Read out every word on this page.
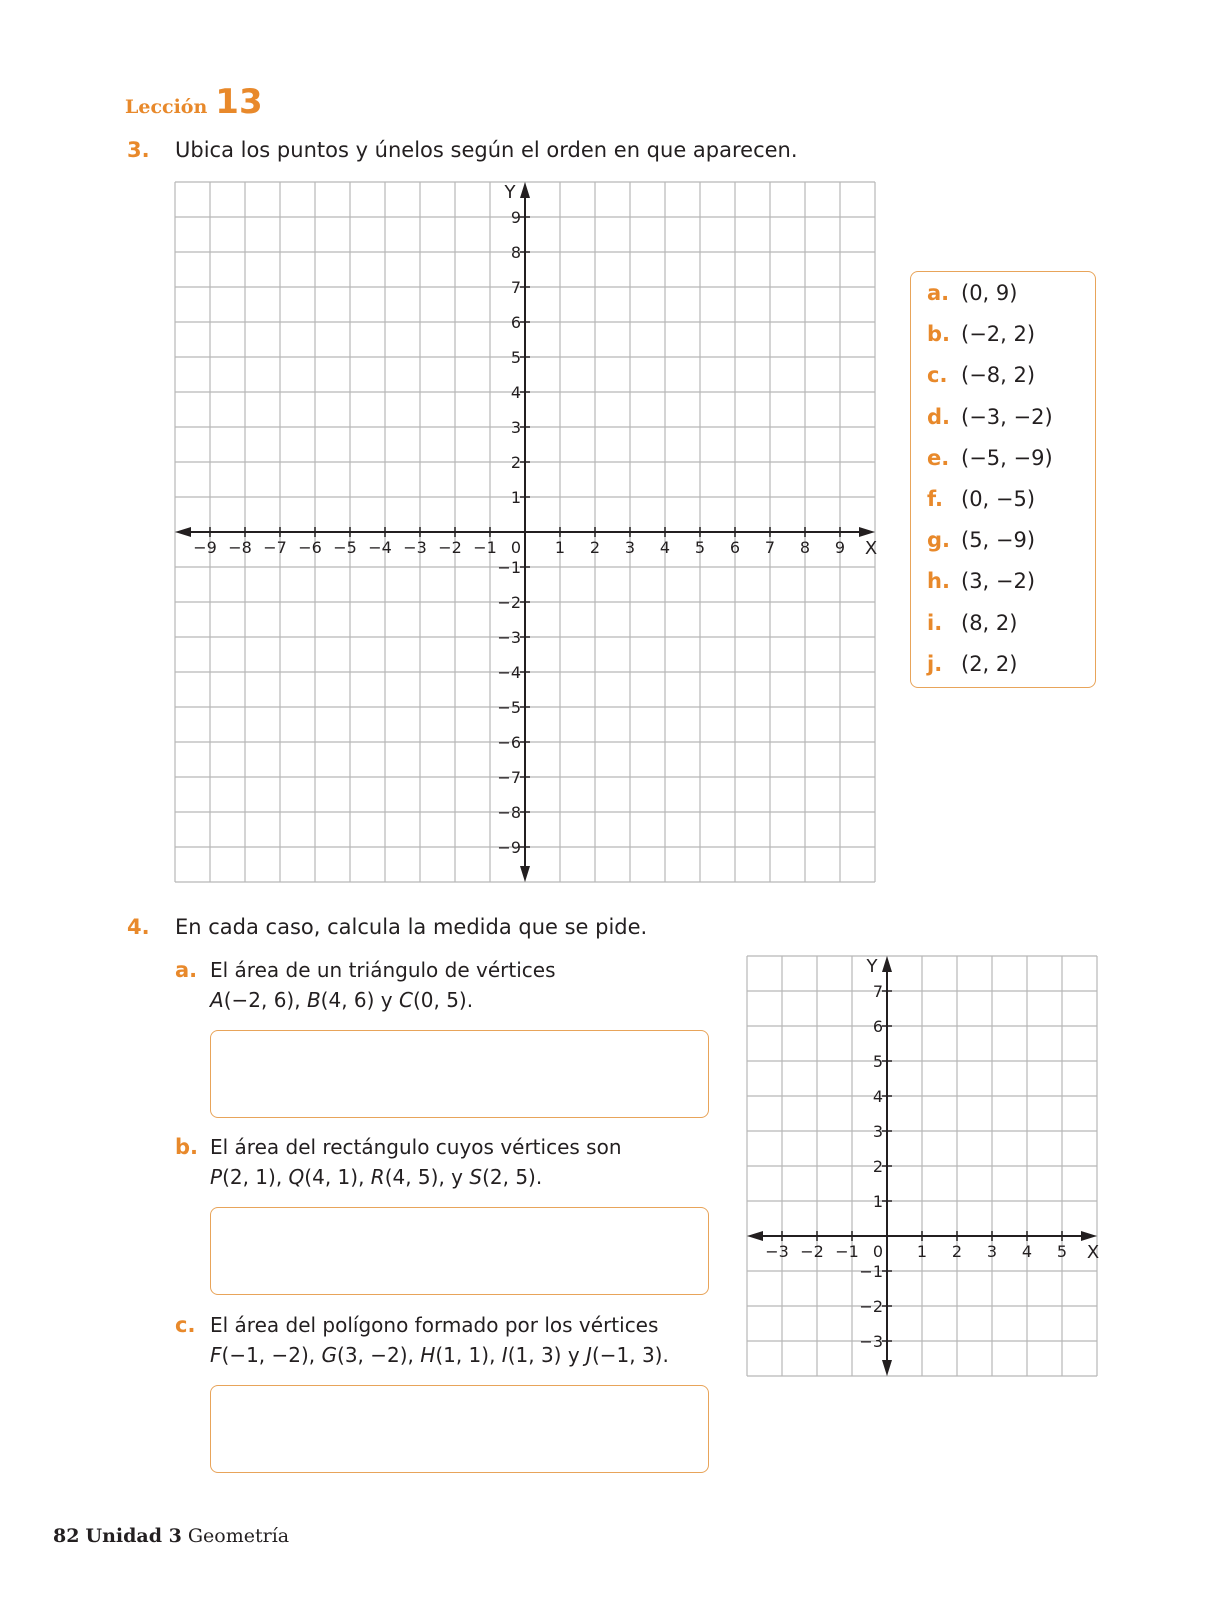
Lección 13
3. Ubica los puntos y únelos según el orden en que aparecen.
−9 −8 −7 −6 −5 −4 −3 −2 −1	1 2 3 4 5 6 7 8 9
9
8
7
6
5
4
3
2
1
−1
−2
−3
−4
−5
−6
−7
−8
−9
0	X
Y
a. (0, 9)
b. (−2, 2)
c. (−8, 2)
d. (−3, −2)
e. (−5, −9)
f. (0, −5)
g. (5, −9)
h. (3, −2)
i. (8, 2)
j. (2, 2)
4. En cada caso, calcula la medida que se pide.
a. El área de un triángulo de vértices
A(−2, 6), B(4, 6) y C(0, 5).
b. El área del rectángulo cuyos vértices son
P(2, 1), Q(4, 1), R(4, 5), y S(2, 5).
c. El área del polígono formado por los vértices
F(−1, −2), G(3, −2), H(1, 1), I(1, 3) y J(−1, 3).
−3 −2 −1	1 2 3 4 5
7
6
5
4
3
2
1
−1
−2
−3
0	X
Y
82 Unidad 3 Geometría
